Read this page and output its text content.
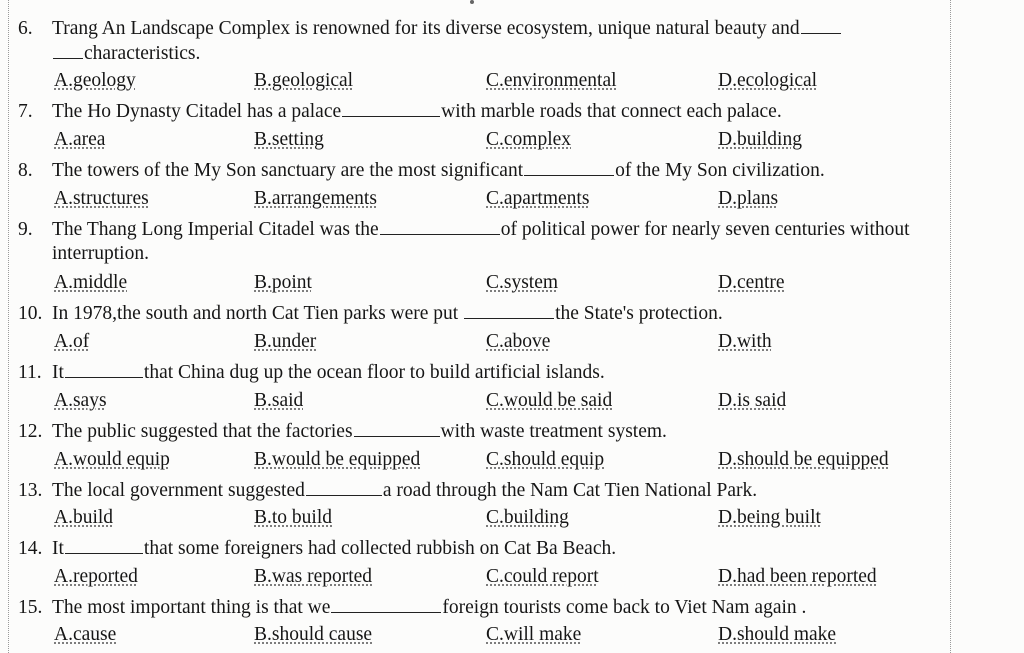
6. Trang An Landscape Complex is renowned for its diverse ecosystem, unique natural beauty and
characteristics.
A.geology	B.geological	C.environmental	D.ecological
7. The Ho Dynasty Citadel has a palace	with marble roads that connect each palace.
A.area	B.setting	C.complex	D.building
8. The towers of the My Son sanctuary are the most significant	of the My Son civilization.
A.structures	B.arrangements	C.apartments	D.plans
9. The Thang Long Imperial Citadel was the	of political power for nearly seven centuries without
interruption.
A.middle	B.point	C.system	D.centre
10. In 1978,the south and north Cat Tien parks were put	the State's protection.
A.of	B.under	C.above	D.with
11. It	that China dug up the ocean floor to build artificial islands.
A.says	B.said	C.would be said	D.is said
12. The public suggested that the factories	with waste treatment system.
A.would equip	B.would be equipped	C.should equip	D.should be equipped
13. The local government suggested	a road through the Nam Cat Tien National Park.
A.build	B.to build	C.building	D.being built
14. It	that some foreigners had collected rubbish on Cat Ba Beach.
A.reported	B.was reported	C.could report	D.had been reported
15. The most important thing is that we	foreign tourists come back to Viet Nam again .
A.cause	B.should cause	C.will make	D.should make
